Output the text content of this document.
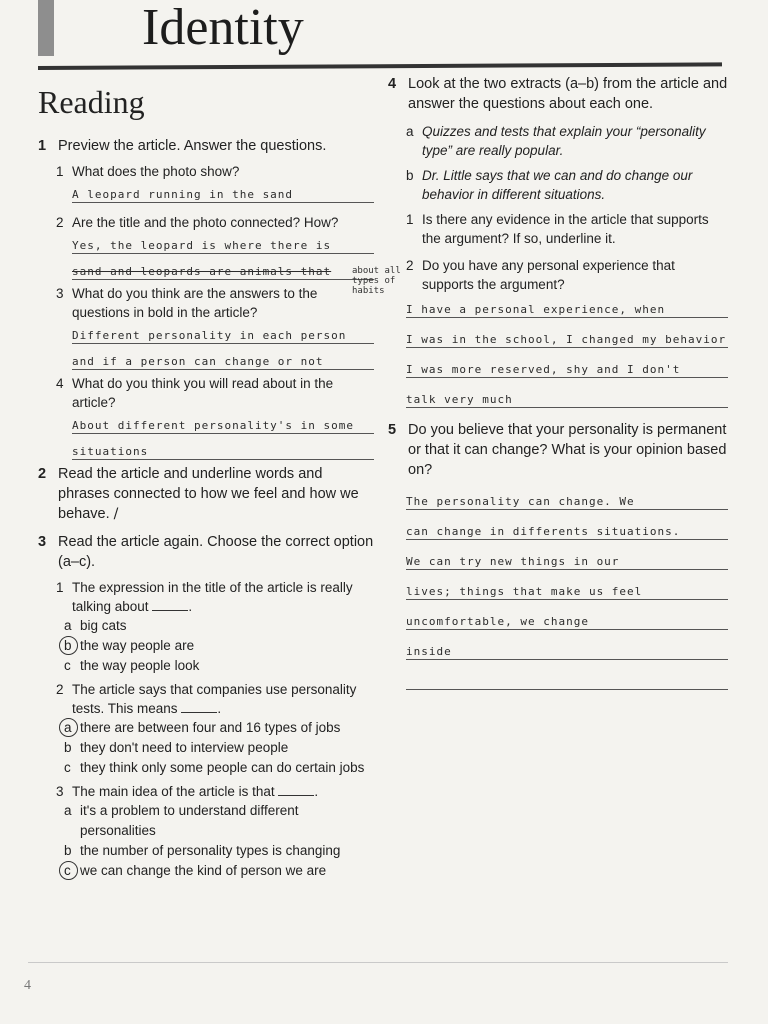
Identity
Reading
1 Preview the article. Answer the questions.
1 What does the photo show?
A leopard running in the sand
2 Are the title and the photo connected? How?
Yes, the leopard is where there is
sand and leopards are animals that
3 What do you think are the answers to the questions in bold in the article?
Different personality in each person
and if a person can change or not
4 What do you think you will read about in the article?
About different personality's in some
situations
2 Read the article and underline words and phrases connected to how we feel and how we behave. /
3 Read the article again. Choose the correct option (a–c).
1 The expression in the title of the article is really talking about	.
a big cats
b the way people are
c the way people look
2 The article says that companies use personality tests. This means	.
a there are between four and 16 types of jobs
b they don't need to interview people
c they think only some people can do certain jobs
3 The main idea of the article is that	.
a it's a problem to understand different personalities
b the number of personality types is changing
c we can change the kind of person we are
about all types of habits
4 Look at the two extracts (a–b) from the article and answer the questions about each one.
a Quizzes and tests that explain your “personality type” are really popular.
b Dr. Little says that we can and do change our behavior in different situations.
1 Is there any evidence in the article that supports the argument? If so, underline it.
2 Do you have any personal experience that supports the argument?
I have a personal experience, when
I was in the school, I changed my behavior
I was more reserved, shy and I don't
talk very much
5 Do you believe that your personality is permanent or that it can change? What is your opinion based on?
The personality can change. We
can change in differents situations.
We can try new things in our
lives; things that make us feel
uncomfortable, we change
inside
4
